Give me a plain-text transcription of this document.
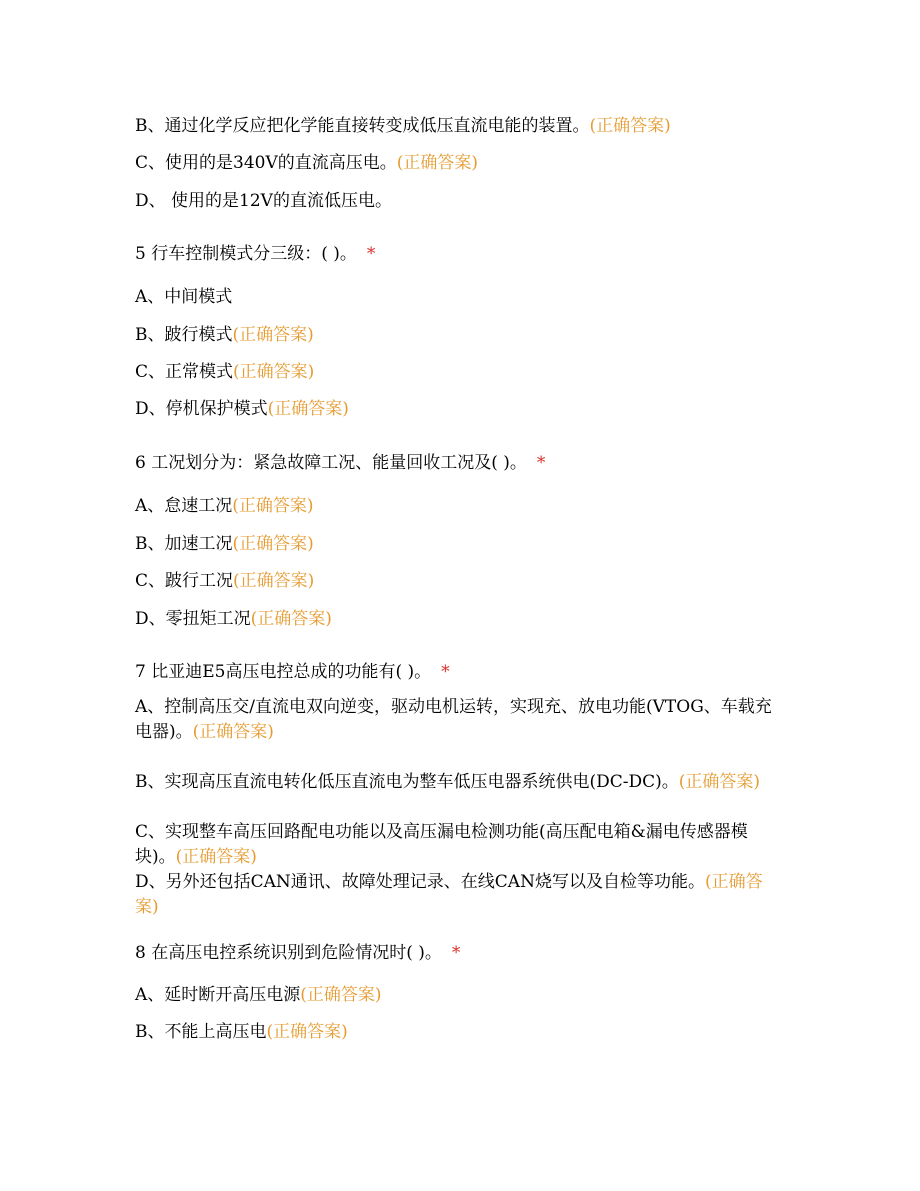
B、通过化学反应把化学能直接转变成低压直流电能的装置。(正确答案)
C、使用的是340V的直流高压电。(正确答案)
D、 使用的是12V的直流低压电。
5 行车控制模式分三级：( )。 *
A、中间模式
B、跛行模式(正确答案)
C、正常模式(正确答案)
D、停机保护模式(正确答案)
6 工况划分为：紧急故障工况、能量回收工况及( )。 *
A、怠速工况(正确答案)
B、加速工况(正确答案)
C、跛行工况(正确答案)
D、零扭矩工况(正确答案)
7 比亚迪E5高压电控总成的功能有( )。 *
A、控制高压交/直流电双向逆变，驱动电机运转，实现充、放电功能(VTOG、车载充电器)。(正确答案)
B、实现高压直流电转化低压直流电为整车低压电器系统供电(DC-DC)。(正确答案)
C、实现整车高压回路配电功能以及高压漏电检测功能(高压配电箱&漏电传感器模块)。(正确答案)
D、另外还包括CAN通讯、故障处理记录、在线CAN烧写以及自检等功能。(正确答案)
8 在高压电控系统识别到危险情况时( )。 *
A、延时断开高压电源(正确答案)
B、不能上高压电(正确答案)
